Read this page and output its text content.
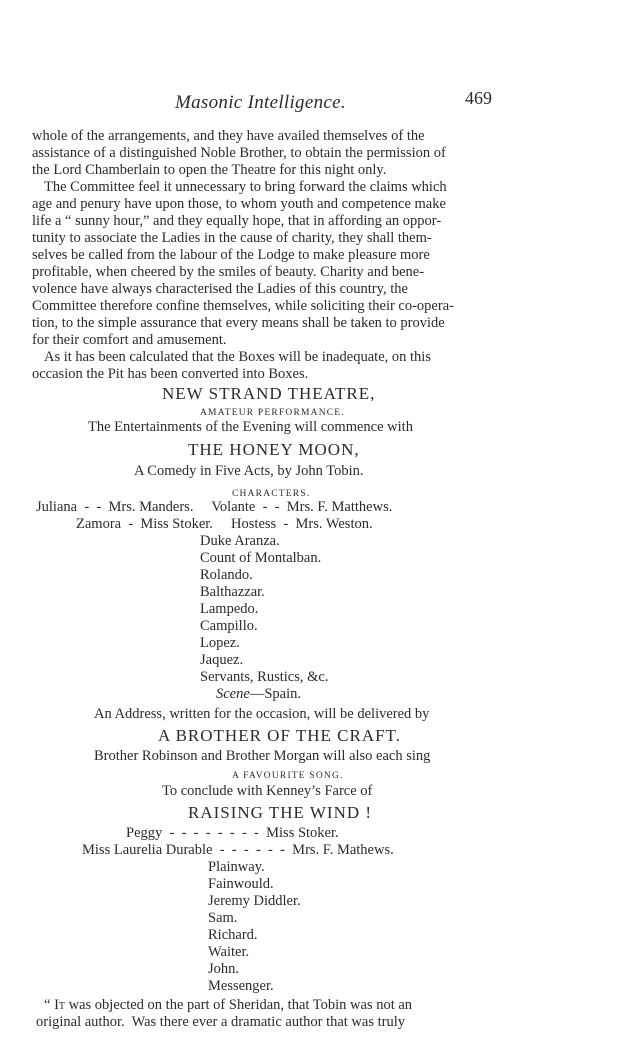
Masonic Intelligence.	469
whole of the arrangements, and they have availed themselves of the
assistance of a distinguished Noble Brother, to obtain the permission of
the Lord Chamberlain to open the Theatre for this night only.
The Committee feel it unnecessary to bring forward the claims which
age and penury have upon those, to whom youth and competence make
life a “ sunny hour,” and they equally hope, that in affording an oppor-
tunity to associate the Ladies in the cause of charity, they shall them-
selves be called from the labour of the Lodge to make pleasure more
profitable, when cheered by the smiles of beauty. Charity and bene-
volence have always characterised the Ladies of this country, the
Committee therefore confine themselves, while soliciting their co-opera-
tion, to the simple assurance that every means shall be taken to provide
for their comfort and amusement.
As it has been calculated that the Boxes will be inadequate, on this
occasion the Pit has been converted into Boxes.
NEW STRAND THEATRE,
AMATEUR PERFORMANCE.
The Entertainments of the Evening will commence with
THE HONEY MOON,
A Comedy in Five Acts, by John Tobin.
CHARACTERS.
Juliana  -  -  Mrs. Manders.     Volante  -  -  Mrs. F. Matthews.
Zamora  -  Miss Stoker.     Hostess  -  Mrs. Weston.
Duke Aranza.
Count of Montalban.
Rolando.
Balthazzar.
Lampedo.
Campillo.
Lopez.
Jaquez.
Servants, Rustics, &c.
Scene—Spain.
An Address, written for the occasion, will be delivered by
A BROTHER OF THE CRAFT.
Brother Robinson and Brother Morgan will also each sing
A FAVOURITE SONG.
To conclude with Kenney’s Farce of
RAISING THE WIND !
Peggy  -  -  -  -  -  -  -  -  Miss Stoker.
Miss Laurelia Durable  -  -  -  -  -  -  Mrs. F. Mathews.
Plainway.
Fainwould.
Jeremy Diddler.
Sam.
Richard.
Waiter.
John.
Messenger.
“ It was objected on the part of Sheridan, that Tobin was not an
original author.  Was there ever a dramatic author that was truly
